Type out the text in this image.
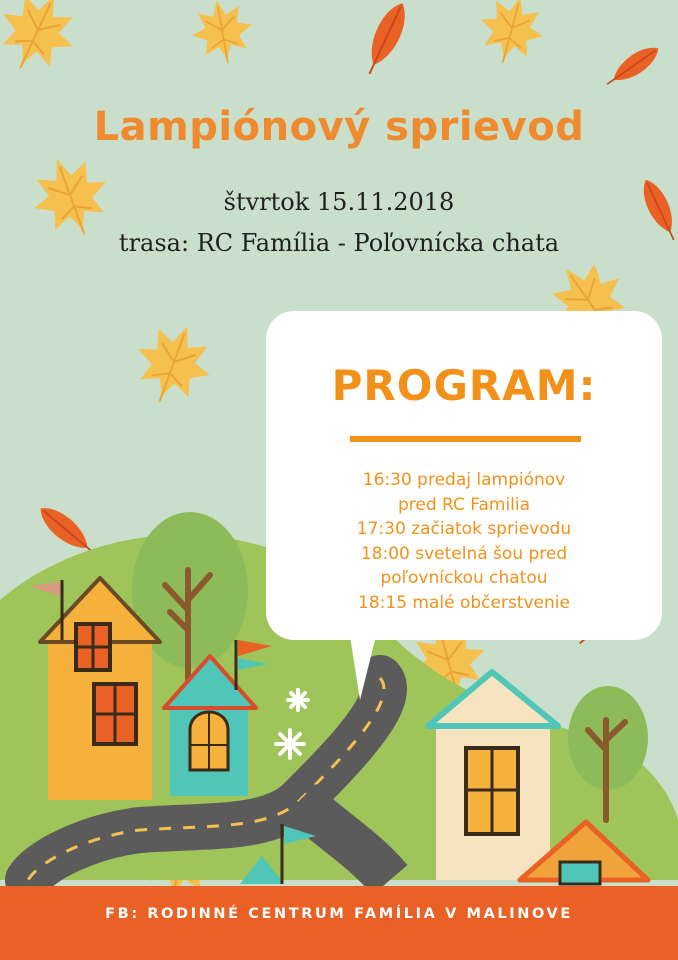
Lampiónový sprievod

štvrtok 15.11.2018

trasa: RC Família - Poľovnícka chata

PROGRAM:
16:30 predaj lampiónov
pred RC Familia
17:30 začiatok sprievodu
18:00 svetelná šou pred
poľovníckou chatou
18:15 malé občerstvenie

FB: RODINNÉ CENTRUM FAMÍLIA V MALINOVE
